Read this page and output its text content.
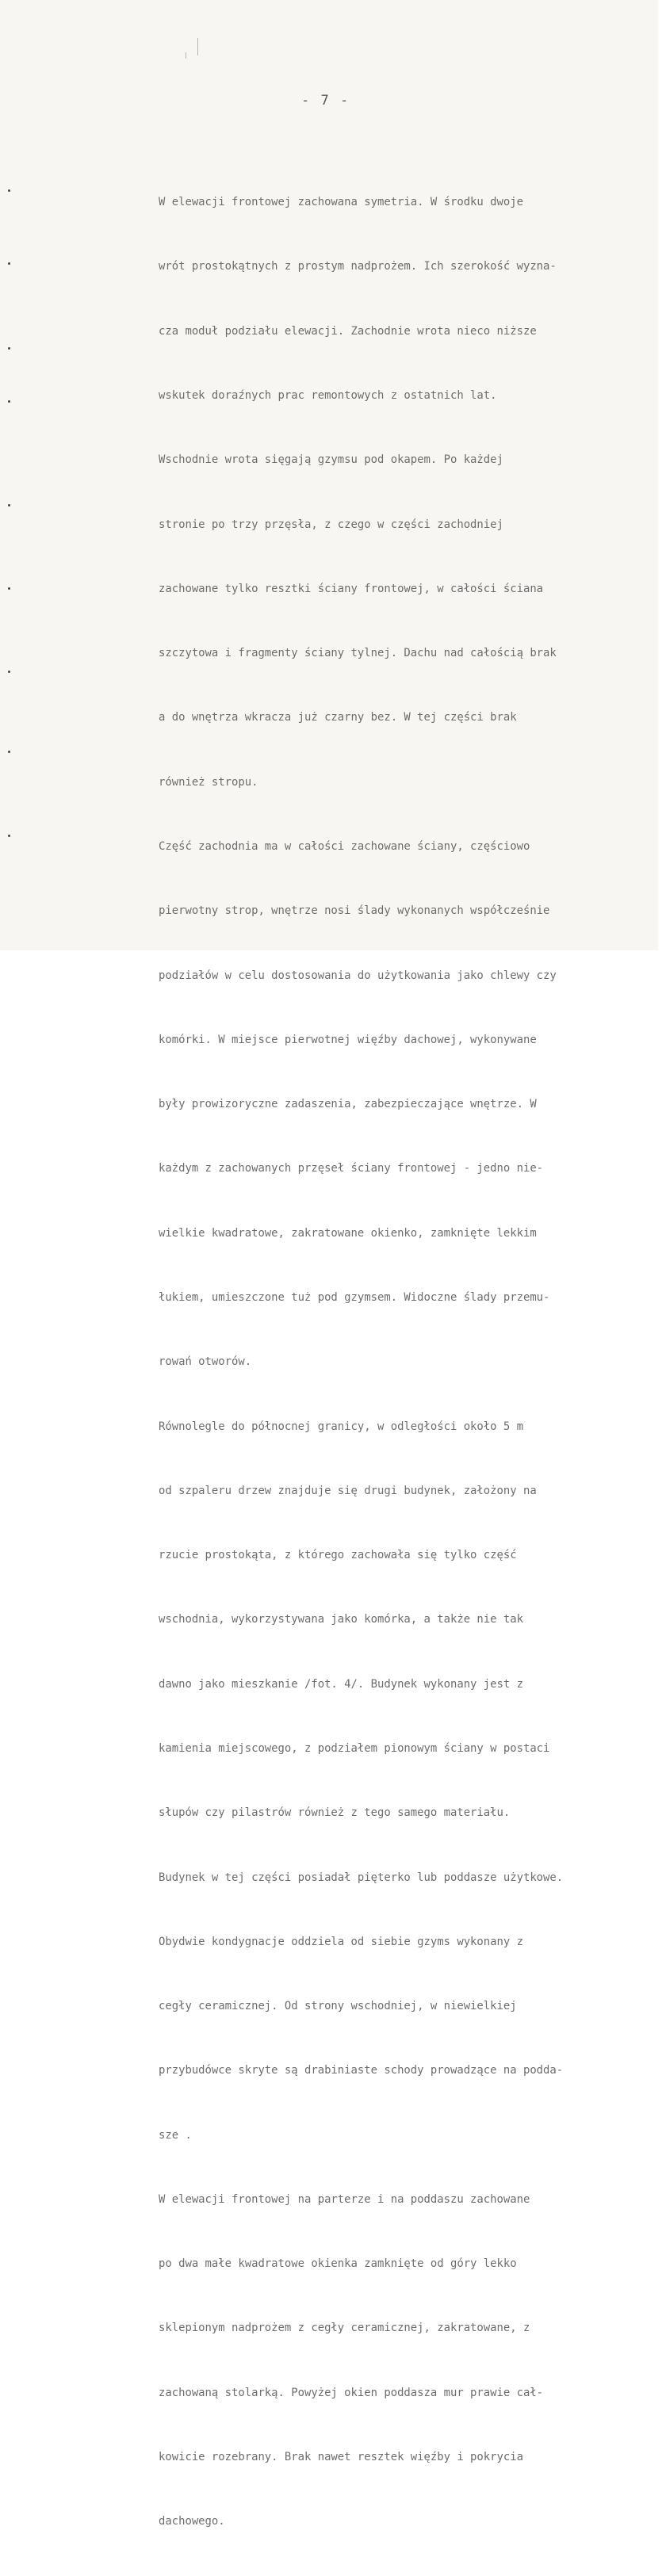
- 7 -

W elewacji frontowej zachowana symetria. W środku dwoje

wrót prostokątnych z prostym nadprożem. Ich szerokość wyzna-

cza moduł podziału elewacji. Zachodnie wrota nieco niższe

wskutek doraźnych prac remontowych z ostatnich lat.

Wschodnie wrota sięgają gzymsu pod okapem. Po każdej

stronie po trzy przęsła, z czego w części zachodniej

zachowane tylko resztki ściany frontowej, w całości ściana

szczytowa i fragmenty ściany tylnej. Dachu nad całością brak

a do wnętrza wkracza już czarny bez. W tej części brak

również stropu.

Część zachodnia ma w całości zachowane ściany, częściowo

pierwotny strop, wnętrze nosi ślady wykonanych współcześnie

podziałów w celu dostosowania do użytkowania jako chlewy czy

komórki. W miejsce pierwotnej więźby dachowej, wykonywane

były prowizoryczne zadaszenia, zabezpieczające wnętrze. W

każdym z zachowanych przęseł ściany frontowej - jedno nie-

wielkie kwadratowe, zakratowane okienko, zamknięte lekkim

łukiem, umieszczone tuż pod gzymsem. Widoczne ślady przemu-

rowań otworów.

Równolegle do północnej granicy, w odległości około 5 m

od szpaleru drzew znajduje się drugi budynek, założony na

rzucie prostokąta, z którego zachowała się tylko część

wschodnia, wykorzystywana jako komórka, a także nie tak

dawno jako mieszkanie /fot. 4/. Budynek wykonany jest z

kamienia miejscowego, z podziałem pionowym ściany w postaci

słupów czy pilastrów również z tego samego materiału.

Budynek w tej części posiadał pięterko lub poddasze użytkowe.

Obydwie kondygnacje oddziela od siebie gzyms wykonany z

cegły ceramicznej. Od strony wschodniej, w niewielkiej

przybudówce skryte są drabiniaste schody prowadzące na podda-

sze .

W elewacji frontowej na parterze i na poddaszu zachowane

po dwa małe kwadratowe okienka zamknięte od góry lekko

sklepionym nadprożem z cegły ceramicznej, zakratowane, z

zachowaną stolarką. Powyżej okien poddasza mur prawie cał-

kowicie rozebrany. Brak nawet resztek więźby i pokrycia

dachowego.
